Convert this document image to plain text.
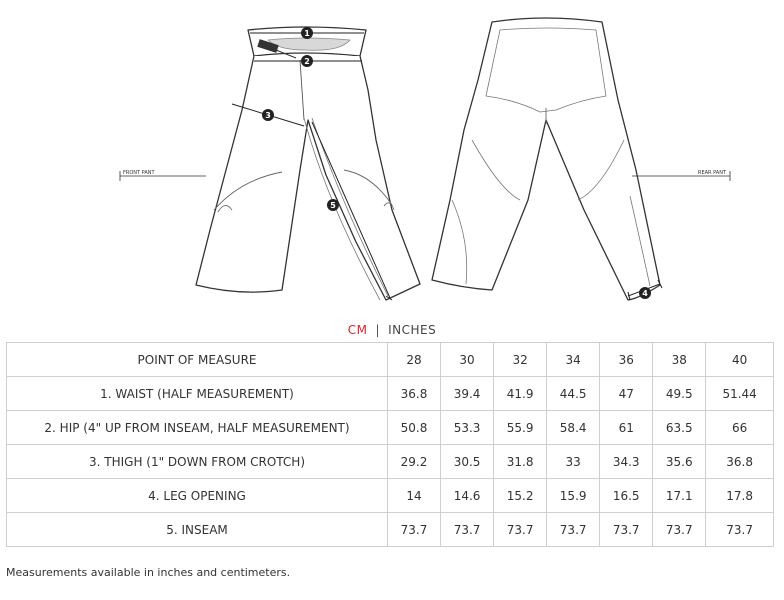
FRONT PANT	REAR PANT
1
2
3
4
5
CM | INCHES
POINT OF MEASURE	28	30	32	34	36	38	40
1. WAIST (HALF MEASUREMENT)	36.8	39.4	41.9	44.5	47	49.5	51.44
2. HIP (4" UP FROM INSEAM, HALF MEASUREMENT)	50.8	53.3	55.9	58.4	61	63.5	66
3. THIGH (1" DOWN FROM CROTCH)	29.2	30.5	31.8	33	34.3	35.6	36.8
4. LEG OPENING	14	14.6	15.2	15.9	16.5	17.1	17.8
5. INSEAM	73.7	73.7	73.7	73.7	73.7	73.7	73.7
Measurements available in inches and centimeters.
